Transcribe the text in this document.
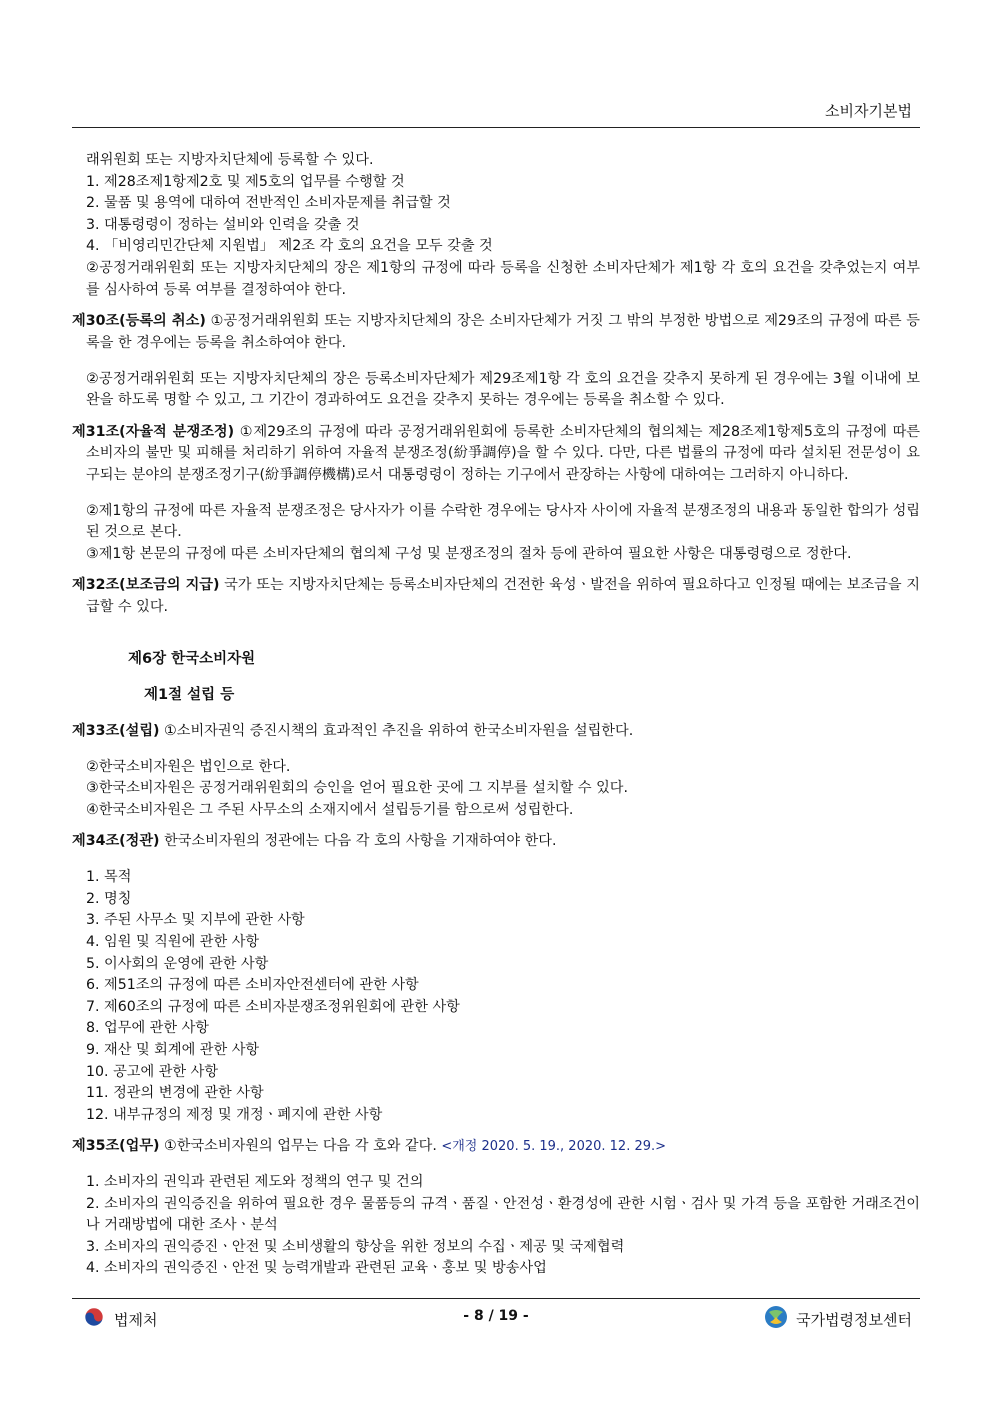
소비자기본법

래위원회 또는 지방자치단체에 등록할 수 있다.

1. 제28조제1항제2호 및 제5호의 업무를 수행할 것

2. 물품 및 용역에 대하여 전반적인 소비자문제를 취급할 것

3. 대통령령이 정하는 설비와 인력을 갖출 것

4. 「비영리민간단체 지원법」 제2조 각 호의 요건을 모두 갖출 것

②공정거래위원회 또는 지방자치단체의 장은 제1항의 규정에 따라 등록을 신청한 소비자단체가 제1항 각 호의 요건을 갖추었는지 여부를 심사하여 등록 여부를 결정하여야 한다.

제30조(등록의 취소) ①공정거래위원회 또는 지방자치단체의 장은 소비자단체가 거짓 그 밖의 부정한 방법으로 제29조의 규정에 따른 등록을 한 경우에는 등록을 취소하여야 한다.

②공정거래위원회 또는 지방자치단체의 장은 등록소비자단체가 제29조제1항 각 호의 요건을 갖추지 못하게 된 경우에는 3월 이내에 보완을 하도록 명할 수 있고, 그 기간이 경과하여도 요건을 갖추지 못하는 경우에는 등록을 취소할 수 있다.

제31조(자율적 분쟁조정) ①제29조의 규정에 따라 공정거래위원회에 등록한 소비자단체의 협의체는 제28조제1항제5호의 규정에 따른 소비자의 불만 및 피해를 처리하기 위하여 자율적 분쟁조정(紛爭調停)을 할 수 있다. 다만, 다른 법률의 규정에 따라 설치된 전문성이 요구되는 분야의 분쟁조정기구(紛爭調停機構)로서 대통령령이 정하는 기구에서 관장하는 사항에 대하여는 그러하지 아니하다.

②제1항의 규정에 따른 자율적 분쟁조정은 당사자가 이를 수락한 경우에는 당사자 사이에 자율적 분쟁조정의 내용과 동일한 합의가 성립된 것으로 본다.

③제1항 본문의 규정에 따른 소비자단체의 협의체 구성 및 분쟁조정의 절차 등에 관하여 필요한 사항은 대통령령으로 정한다.

제32조(보조금의 지급) 국가 또는 지방자치단체는 등록소비자단체의 건전한 육성ㆍ발전을 위하여 필요하다고 인정될 때에는 보조금을 지급할 수 있다.

제6장 한국소비자원

제1절 설립 등

제33조(설립) ①소비자권익 증진시책의 효과적인 추진을 위하여 한국소비자원을 설립한다.

②한국소비자원은 법인으로 한다.

③한국소비자원은 공정거래위원회의 승인을 얻어 필요한 곳에 그 지부를 설치할 수 있다.

④한국소비자원은 그 주된 사무소의 소재지에서 설립등기를 함으로써 성립한다.

제34조(정관) 한국소비자원의 정관에는 다음 각 호의 사항을 기재하여야 한다.

1. 목적

2. 명칭

3. 주된 사무소 및 지부에 관한 사항

4. 임원 및 직원에 관한 사항

5. 이사회의 운영에 관한 사항

6. 제51조의 규정에 따른 소비자안전센터에 관한 사항

7. 제60조의 규정에 따른 소비자분쟁조정위원회에 관한 사항

8. 업무에 관한 사항

9. 재산 및 회계에 관한 사항

10. 공고에 관한 사항

11. 정관의 변경에 관한 사항

12. 내부규정의 제정 및 개정ㆍ폐지에 관한 사항

제35조(업무) ①한국소비자원의 업무는 다음 각 호와 같다. <개정 2020. 5. 19., 2020. 12. 29.>

1. 소비자의 권익과 관련된 제도와 정책의 연구 및 건의

2. 소비자의 권익증진을 위하여 필요한 경우 물품등의 규격ㆍ품질ㆍ안전성ㆍ환경성에 관한 시험ㆍ검사 및 가격 등을 포함한 거래조건이나 거래방법에 대한 조사ㆍ분석

3. 소비자의 권익증진ㆍ안전 및 소비생활의 향상을 위한 정보의 수집ㆍ제공 및 국제협력

4. 소비자의 권익증진ㆍ안전 및 능력개발과 관련된 교육ㆍ홍보 및 방송사업

법제처	- 8 / 19 -	국가법령정보센터
